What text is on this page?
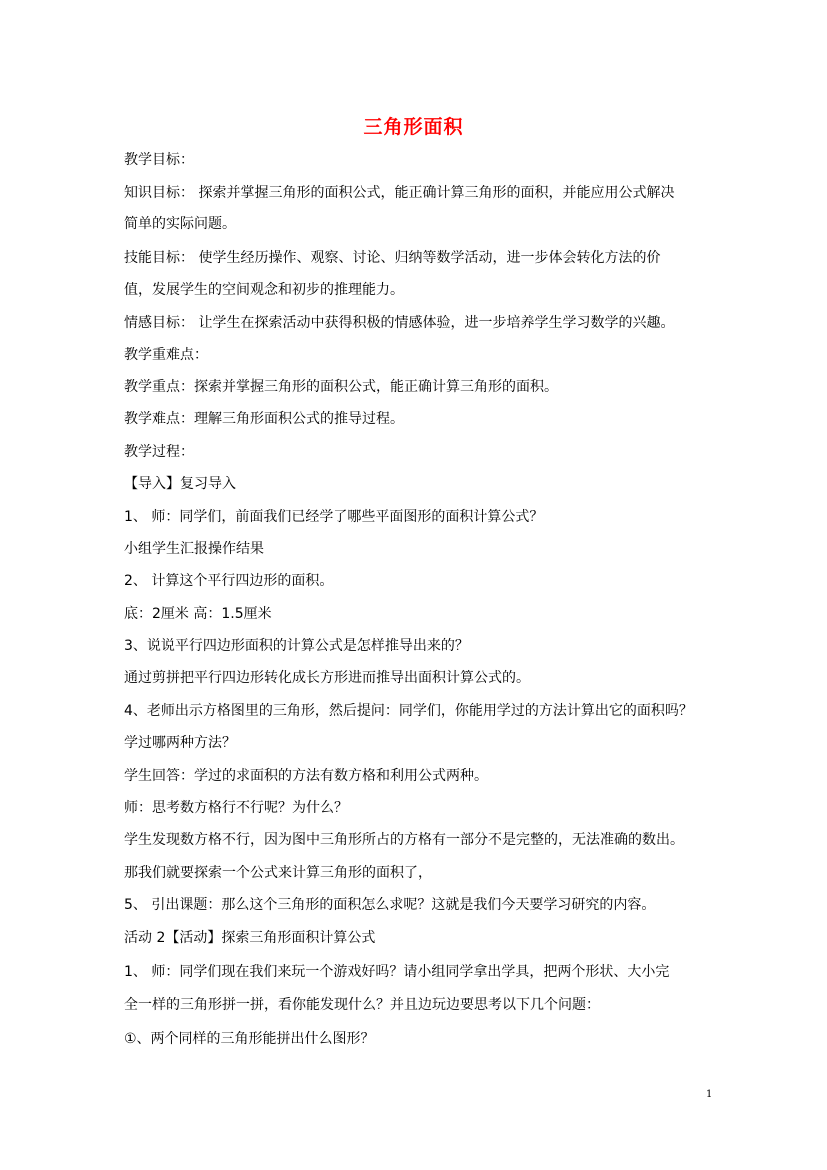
三角形面积
教学目标：
知识目标： 探索并掌握三角形的面积公式，能正确计算三角形的面积，并能应用公式解决
简单的实际问题。
技能目标： 使学生经历操作、观察、讨论、归纳等数学活动，进一步体会转化方法的价
值，发展学生的空间观念和初步的推理能力。
情感目标： 让学生在探索活动中获得积极的情感体验，进一步培养学生学习数学的兴趣。
教学重难点：
教学重点：探索并掌握三角形的面积公式，能正确计算三角形的面积。
教学难点：理解三角形面积公式的推导过程。
教学过程：
【导入】复习导入
1、 师：同学们，前面我们已经学了哪些平面图形的面积计算公式？
小组学生汇报操作结果
2、 计算这个平行四边形的面积。
底：2厘米 高：1.5厘米
3、说说平行四边形面积的计算公式是怎样推导出来的？
通过剪拼把平行四边形转化成长方形进而推导出面积计算公式的。
4、老师出示方格图里的三角形，然后提问：同学们，你能用学过的方法计算出它的面积吗？
学过哪两种方法？
学生回答：学过的求面积的方法有数方格和利用公式两种。
师：思考数方格行不行呢？为什么？
学生发现数方格不行，因为图中三角形所占的方格有一部分不是完整的，无法准确的数出。
那我们就要探索一个公式来计算三角形的面积了，
5、 引出课题：那么这个三角形的面积怎么求呢？这就是我们今天要学习研究的内容。
活动 2【活动】探索三角形面积计算公式
1、 师：同学们现在我们来玩一个游戏好吗？请小组同学拿出学具，把两个形状、大小完
全一样的三角形拼一拼，看你能发现什么？并且边玩边要思考以下几个问题：
①、两个同样的三角形能拼出什么图形？
1
